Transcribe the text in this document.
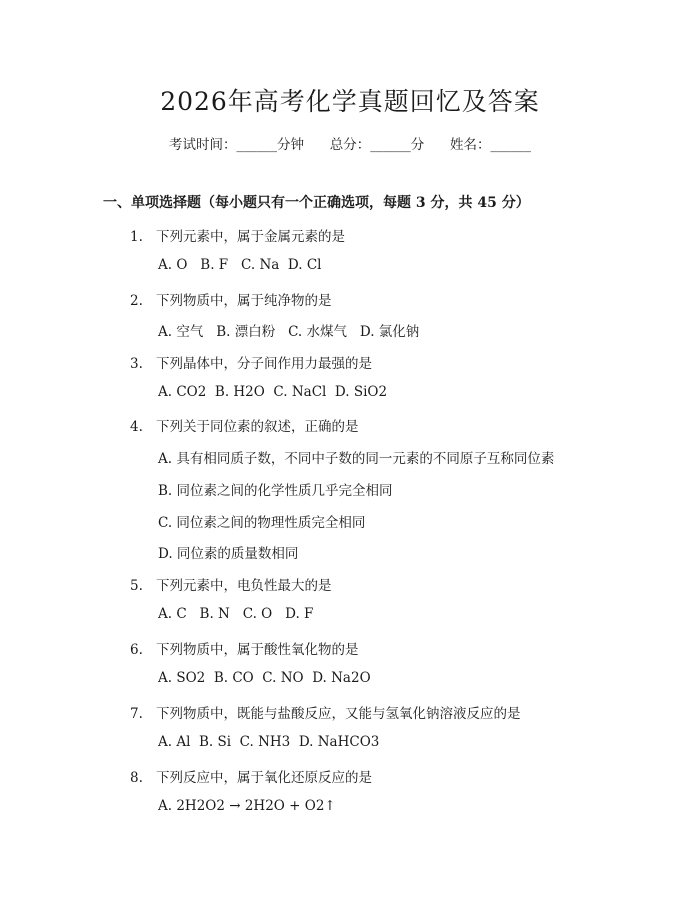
2026年高考化学真题回忆及答案
考试时间：______分钟 总分：______分 姓名：______
一、单项选择题（每小题只有一个正确选项，每题 3 分，共 45 分）
1. 下列元素中，属于金属元素的是
A. O   B. F   C. Na  D. Cl
2. 下列物质中，属于纯净物的是
A. 空气   B. 漂白粉   C. 水煤气   D. 氯化钠
3. 下列晶体中，分子间作用力最强的是
A. CO2  B. H2O  C. NaCl  D. SiO2
4. 下列关于同位素的叙述，正确的是
A. 具有相同质子数，不同中子数的同一元素的不同原子互称同位素
B. 同位素之间的化学性质几乎完全相同
C. 同位素之间的物理性质完全相同
D. 同位素的质量数相同
5. 下列元素中，电负性最大的是
A. C   B. N   C. O   D. F
6. 下列物质中，属于酸性氧化物的是
A. SO2  B. CO  C. NO  D. Na2O
7. 下列物质中，既能与盐酸反应，又能与氢氧化钠溶液反应的是
A. Al  B. Si  C. NH3  D. NaHCO3
8. 下列反应中，属于氧化还原反应的是
A. 2H2O2 → 2H2O + O2↑
